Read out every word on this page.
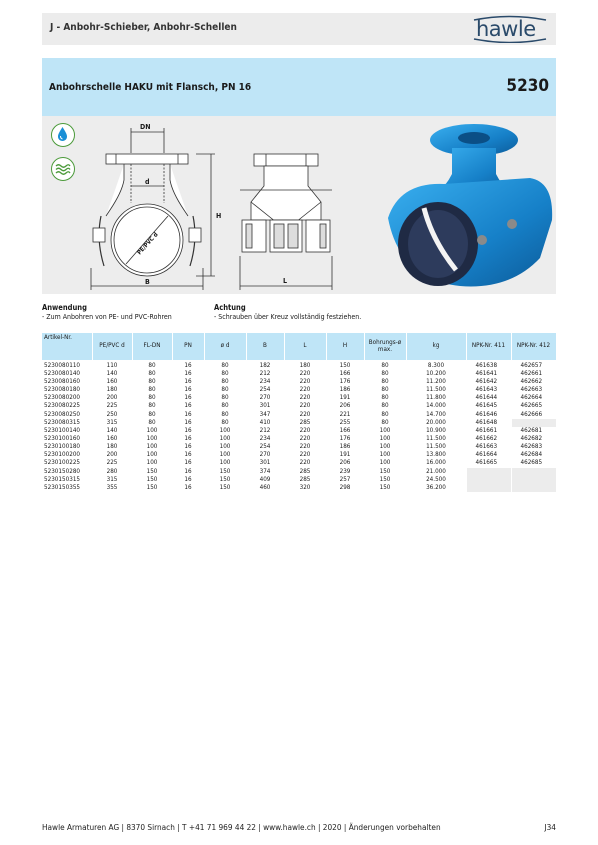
J - Anbohr-Schieber, Anbohr-Schellen	hawle
Anbohrschelle HAKU mit Flansch, PN 16	5230
DN
d
H
B
PE/PVC d
L
Anwendung
- Zum Anbohren von PE- und PVC-Rohren
Achtung
- Schrauben über Kreuz vollständig festziehen.
Artikel-Nr.	PE/PVC d	FL-DN	PN	ø d	B	L	H	Bohrungs-ø max.	kg	NPK-Nr. 411	NPK-Nr. 412
5230080110	110	80	16	80	182	180	150	80	8.300	461638	462657
5230080140	140	80	16	80	212	220	166	80	10.200	461641	462661
5230080160	160	80	16	80	234	220	176	80	11.200	461642	462662
5230080180	180	80	16	80	254	220	186	80	11.500	461643	462663
5230080200	200	80	16	80	270	220	191	80	11.800	461644	462664
5230080225	225	80	16	80	301	220	206	80	14.000	461645	462665
5230080250	250	80	16	80	347	220	221	80	14.700	461646	462666
5230080315	315	80	16	80	410	285	255	80	20.000	461648	
5230100140	140	100	16	100	212	220	166	100	10.900	461661	462681
5230100160	160	100	16	100	234	220	176	100	11.500	461662	462682
5230100180	180	100	16	100	254	220	186	100	11.500	461663	462683
5230100200	200	100	16	100	270	220	191	100	13.800	461664	462684
5230100225	225	100	16	100	301	220	206	100	16.000	461665	462685
5230150280	280	150	16	150	374	285	239	150	21.000		
5230150315	315	150	16	150	409	285	257	150	24.500		
5230150355	355	150	16	150	460	320	298	150	36.200		
Hawle Armaturen AG | 8370 Sirnach | T +41 71 969 44 22 | www.hawle.ch | 2020 | Änderungen vorbehalten	J34
